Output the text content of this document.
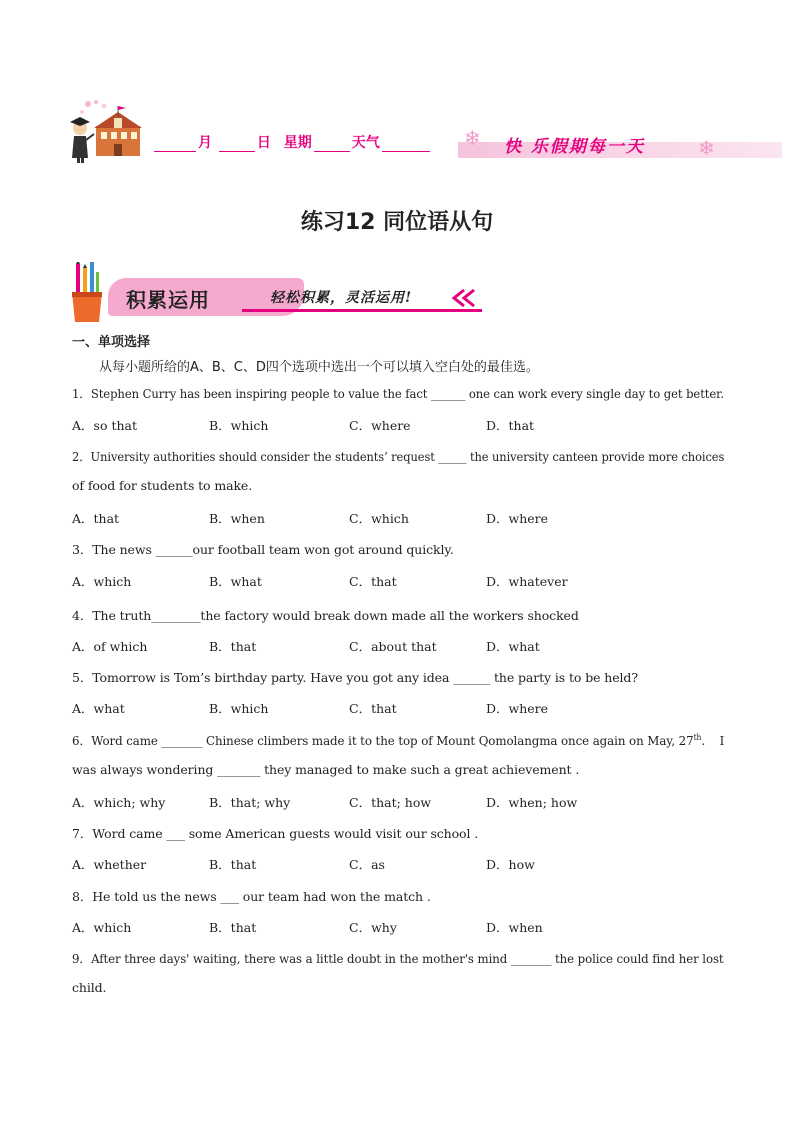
月	日 星期	天气	❄ 快 乐假期每一天	❄
练习12 同位语从句
积累运用	轻松积累，灵活运用!
一、单项选择
从每小题所给的A、B、C、D四个选项中选出一个可以填入空白处的最佳选。
1．Stephen Curry has been inspiring people to value the fact ______ one can work every single day to get better.
A．so that	B．which	C．where	D．that
2．University authorities should consider the students’ request _____ the university canteen provide more choices
of food for students to make.
A．that	B．when	C．which	D．where
3．The news ______our football team won got around quickly.
A．which	B．what	C．that	D．whatever
4．The truth________the factory would break down made all the workers shocked
A．of which	B．that	C．about that	D．what
5．Tomorrow is Tom’s birthday party. Have you got any idea ______ the party is to be held?
A．what	B．which	C．that	D．where
6．Word came _______ Chinese climbers made it to the top of Mount Qomolangma once again on May, 27th.    I
was always wondering _______ they managed to make such a great achievement .
A．which; why	B．that; why	C．that; how	D．when; how
7．Word came ___ some American guests would visit our school .
A．whether	B．that	C．as	D．how
8．He told us the news ___ our team had won the match .
A．which	B．that	C．why	D．when
9．After three days' waiting, there was a little doubt in the mother's mind _______ the police could find her lost
child.
